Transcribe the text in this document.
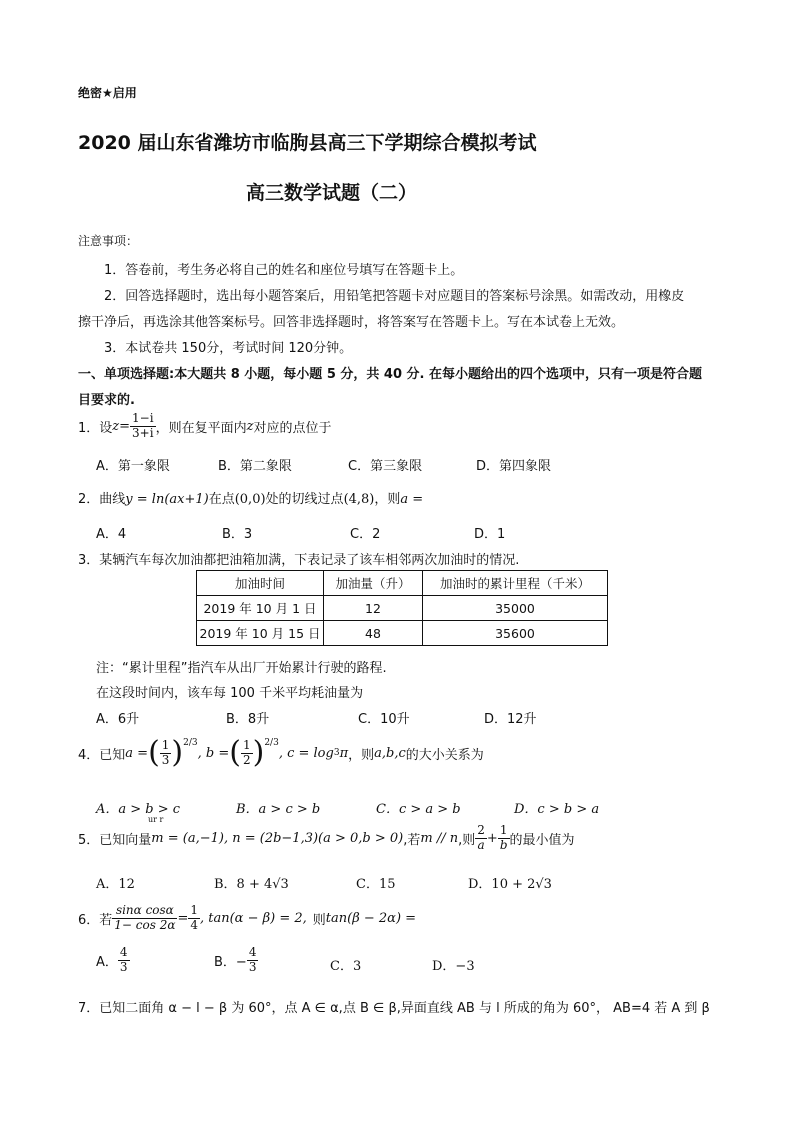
绝密★启用
2020 届山东省潍坊市临朐县高三下学期综合模拟考试
高三数学试题（二）
注意事项：
1．答卷前，考生务必将自己的姓名和座位号填写在答题卡上。
2．回答选择题时，选出每小题答案后，用铅笔把答题卡对应题目的答案标号涂黑。如需改动，用橡皮
擦干净后，再选涂其他答案标号。回答非选择题时，将答案写在答题卡上。写在本试卷上无效。
3．本试卷共 150分，考试时间 120分钟。
一、单项选择题:本大题共 8 小题，每小题 5 分，共 40 分. 在每小题给出的四个选项中，只有一项是符合题
目要求的.
1．设 $z = \frac{1-i}{3+i}$ ，则在复平面内 z 对应的点位于
A．第一象限	B．第二象限	C．第三象限	D．第四象限
2．曲线y = ln(ax+1)在点(0,0)处的切线过点(4,8)，则a =
A．4	B．3	C．2	D．1
3．某辆汽车每次加油都把油箱加满，下表记录了该车相邻两次加油时的情况.
加油时间	加油量（升）	加油时的累计里程（千米）
2019 年 10 月 1 日	12	35000
2019 年 10 月 15 日	48	35600
注：“累计里程”指汽车从出厂开始累计行驶的路程.
在这段时间内，该车每 100 千米平均耗油量为
A．6升	B．8升	C．10升	D．12升
4．已知 a = ( $\frac{1}{3}$ ) 2/3
, b = ( $\frac{1}{2}$ ) 2/3
, c = log 3 π ，则 a,b,c 的大小关系为
A．a > b > c	B．a > c > b	C．c > a > b	D．c > b > a
ur r
5．已知向量 m = (a,−1), n = (2b−1,3)(a > 0,b > 0) ,若 m // n ,则 $\frac{2}{a} + \frac{1}{b}$ 的最小值为
A．12	B．8 + 4√3	C．15	D．10 + 2√3
6．若 $\frac{\text{sinα cosα}}{1- \cos 2\alpha} = \frac{1}{4}$ , tan(α − β) = 2, 则 tan(β − 2α) =
A． $\frac{4}{3}$	B．− $\frac{4}{3}$	C．3	D．−3
7．已知二面角 α − l − β 为 60°，点 A ∈ α,点 B ∈ β,异面直线 AB 与 l 所成的角为 60°， AB=4 若 A 到 β
